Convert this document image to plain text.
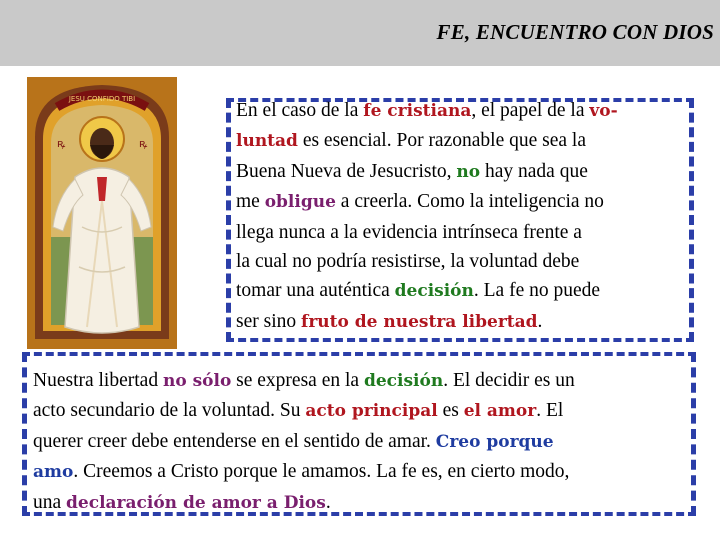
FE, ENCUENTRO CON DIOS
JESU CONFIDO TIBI
ꝶ	ꝶ
En el caso de la fe cristiana, el papel de la vo-
luntad es esencial. Por razonable que sea la
Buena Nueva de Jesucristo, no hay nada que
me obligue a creerla. Como la inteligencia no
llega nunca a la evidencia intrínseca frente a
la cual no podría resistirse, la voluntad debe
tomar una auténtica decisión. La fe no puede
ser sino fruto de nuestra libertad.
Nuestra libertad no sólo se expresa en la decisión. El decidir es un
acto secundario de la voluntad. Su acto principal es el amor. El
querer creer debe entenderse en el sentido de amar. Creo porque
amo. Creemos a Cristo porque le amamos. La fe es, en cierto modo,
una declaración de amor a Dios.
